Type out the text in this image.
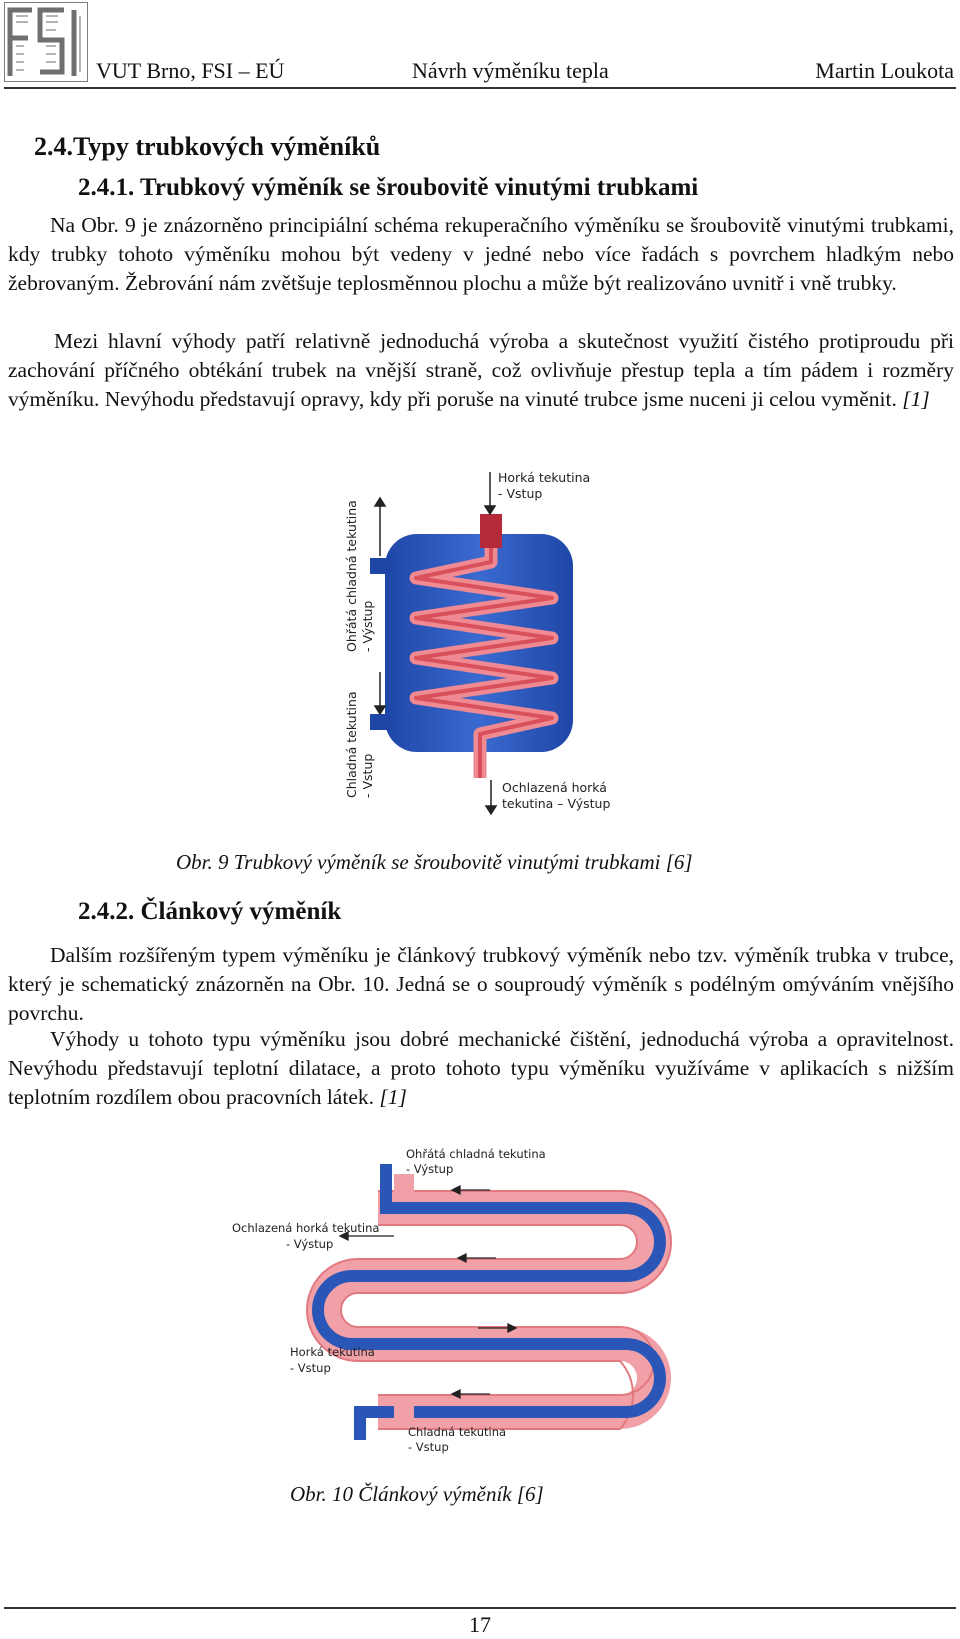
VUT Brno, FSI – EÚ	Návrh výměníku tepla	Martin Loukota
2.4.Typy trubkových výměníků
2.4.1. Trubkový výměník se šroubovitě vinutými trubkami

Na Obr. 9 je znázorněno principiální schéma rekuperačního výměníku se šroubovitě vinutými trubkami, kdy trubky tohoto výměníku mohou být vedeny v jedné nebo více řadách s povrchem hladkým nebo žebrovaným. Žebrování nám zvětšuje teplosměnnou plochu a může být realizováno uvnitř i vně trubky.

Mezi hlavní výhody patří relativně jednoduchá výroba a skutečnost využití čistého protiproudu při zachování příčného obtékání trubek na vnější straně, což ovlivňuje přestup tepla a tím pádem i rozměry výměníku. Nevýhodu představují opravy, kdy při poruše na vinuté trubce jsme nuceni ji celou vyměnit. [1]

Horká tekutina
- Vstup
Ohřátá chladná tekutina - Výstup
Chladná tekutina - Vstup	Ochlazená horká
tekutina – Výstup
Obr. 9 Trubkový výměník se šroubovitě vinutými trubkami [6]
2.4.2. Článkový výměník

Dalším rozšířeným typem výměníku je článkový trubkový výměník nebo tzv. výměník trubka v trubce, který je schematický znázorněn na Obr. 10. Jedná se o souproudý výměník s podélným omýváním vnějšího povrchu.

Výhody u tohoto typu výměníku jsou dobré mechanické čištění, jednoduchá výroba a opravitelnost. Nevýhodu představují teplotní dilatace, a proto tohoto typu výměníku využíváme v aplikacích s nižším teplotním rozdílem obou pracovních látek. [1]

Ohřátá chladná tekutina
- Výstup
Ochlazená horká tekutina
- Výstup
Horká tekutina
- Vstup
Chladná tekutina
- Vstup
Obr. 10 Článkový výměník [6]
17
